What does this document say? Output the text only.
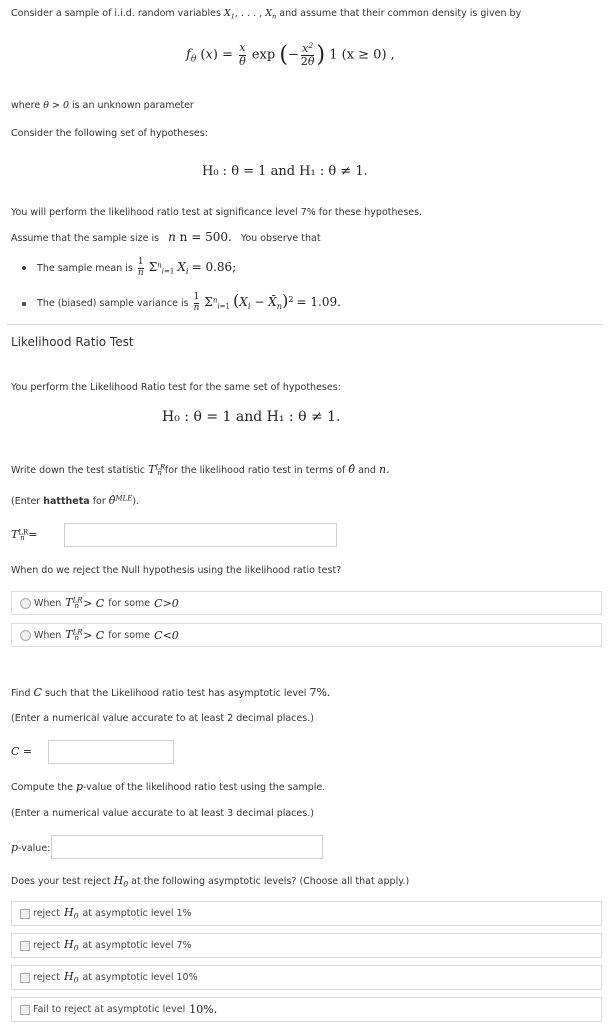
Consider a sample of i.i.d. random variables $X_1$, . . . , $X_n$ and assume that their common density is given by
$f_\theta$ $(x) = \frac{x}{\theta}$ exp (− $\frac{x^2}{2\theta}$ ) 1 (x ≥ 0) ,
where θ > 0 is an unknown parameter
Consider the following set of hypotheses:
H₀ : θ = 1 and H₁ : θ ≠ 1.
You will perform the likelihood ratio test at significance level 7% for these hypotheses.
Assume that the sample size is n n = 500. You observe that
The sample mean is $\frac{1}{n} \Sigma^n_{i=1}$ $X_i = 0.86$;
The (biased) sample variance is $\frac{1}{n} \Sigma^n_{i=1}$ ($X_i$ − $X̄_n)^2 = 1.09$.
Likelihood Ratio Test
You perform the Likelihood Ratio test for the same set of hypotheses:
H₀ : θ = 1 and H₁ : θ ≠ 1.
Write down the test statistic $T^{LR}_n$ for the likelihood ratio test in terms of θ̂ and n.
(Enter hattheta for θ̂$^{MLE}$).
$T^{LR}_n$ =
When do we reject the Null hypothesis using the likelihood ratio test?
When $T^{LR}_n > C$ for some C>0
When $T^{LR}_n > C$ for some C<0
Find C such that the Likelihood ratio test has asymptotic level 7%.
(Enter a numerical value accurate to at least 2 decimal places.)
C =
Compute the p-value of the likelihood ratio test using the sample.
(Enter a numerical value accurate to at least 3 decimal places.)
p-value:
Does your test reject $H_0$ at the following asymptotic levels? (Choose all that apply.)
reject $H_0$ at asymptotic level 1%
reject $H_0$ at asymptotic level 7%
reject $H_0$ at asymptotic level 10%
Fail to reject at asymptotic level 10%.
